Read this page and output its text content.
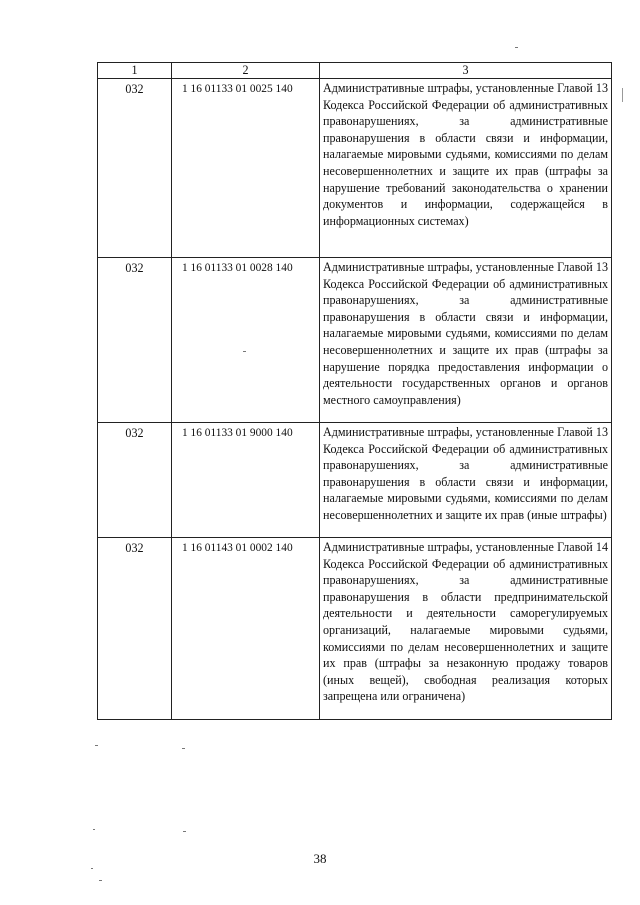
1	2	3
032	1 16 01133 01 0025 140	Административные штрафы, установленные Главой 13 Кодекса Российской Федерации об административных правонарушениях, за административные правонарушения в области связи и информации, налагаемые мировыми судьями, комиссиями по делам несовершеннолетних и защите их прав (штрафы за нарушение требований законодательства о хранении документов и информации, содержащейся в информационных системах)
032	1 16 01133 01 0028 140	Административные штрафы, установленные Главой 13 Кодекса Российской Федерации об административных правонарушениях, за административные правонарушения в области связи и информации, налагаемые мировыми судьями, комиссиями по делам несовершеннолетних и защите их прав (штрафы за нарушение порядка предоставления информации о деятельности государственных органов и органов местного самоуправления)
032	1 16 01133 01 9000 140	Административные штрафы, установленные Главой 13 Кодекса Российской Федерации об административных правонарушениях, за административные правонарушения в области связи и информации, налагаемые мировыми судьями, комиссиями по делам несовершеннолетних и защите их прав (иные штрафы)
032	1 16 01143 01 0002 140	Административные штрафы, установленные Главой 14 Кодекса Российской Федерации об административных правонарушениях, за административные правонарушения в области предпринимательской деятельности и деятельности саморегулируемых организаций, налагаемые мировыми судьями, комиссиями по делам несовершеннолетних и защите их прав (штрафы за незаконную продажу товаров (иных вещей), свободная реализация которых запрещена или ограничена)
38
